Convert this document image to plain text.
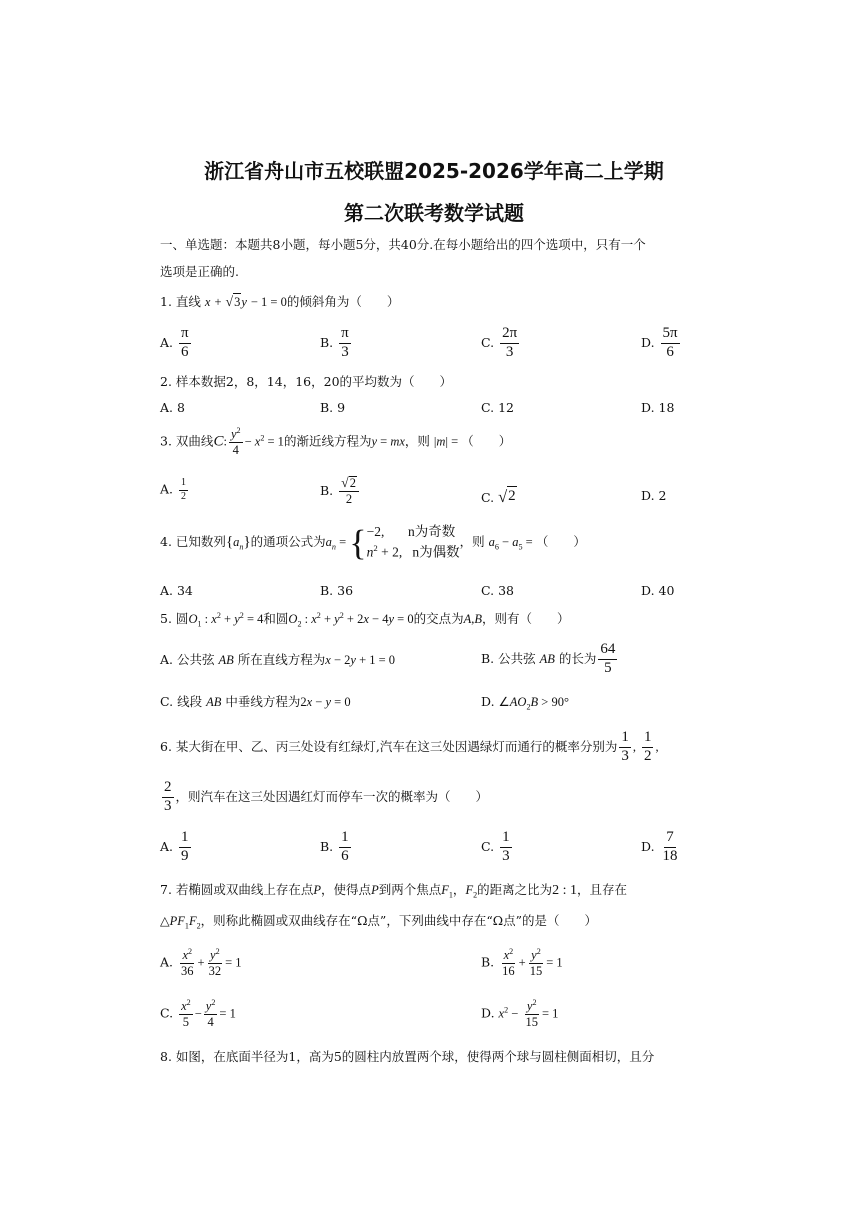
浙江省舟山市五校联盟2025-2026学年高二上学期
第二次联考数学试题
一、单选题：本题共8小题，每小题5分，共40分.在每小题给出的四个选项中，只有一个
选项是正确的.
1. 直线 x + √ 3 y − 1 = 0的倾斜角为（　　）
A. $\frac{\pi}{6}$	B. $\frac{\pi}{3}$	C. $\frac{2\pi}{3}$	D. $\frac{5\pi}{6}$
2. 样本数据2，8，14，16，20的平均数为（　　）
A. 8	B. 9	C. 12	D. 18
3. 双曲线C: $\frac{y^2}{4} - x^2 = 1$的渐近线方程为y = mx，则 |m| = （　　）
A. $\frac{1}{2}$	B. $\frac{√ 2}{2}$	C. √ 2	D. 2
4. 已知数列$\{a_n\}$的通项公式为$a_n$ = { −2, n为奇数
$n^2 + 2$, n为偶数
，则 $a_6 - a_5$ = （　　）
A. 34	B. 36	C. 38	D. 40
5. 圆$O_1$ : $x^2 + y^2 = 4$和圆$O_2$ : $x^2 + y^2 + 2x - 4y = 0$的交点为A,B，则有（　　）
A. 公共弦 AB 所在直线方程为x − 2y + 1 = 0	B. 公共弦 AB 的长为 $\frac{64}{5}$
C. 线段 AB 中垂线方程为2x − y = 0	D. $\angle AO_2B > 90^\circ$
6. 某大街在甲、乙、丙三处设有红绿灯,汽车在这三处因遇绿灯而通行的概率分别为 $\frac{1}{3}$ , $\frac{1}{2}$ ,
$\frac{2}{3}$ ，则汽车在这三处因遇红灯而停车一次的概率为（　　）
A. $\frac{1}{9}$	B. $\frac{1}{6}$	C. $\frac{1}{3}$	D. $\frac{7}{18}$
7. 若椭圆或双曲线上存在点P，使得点P到两个焦点$F_1$，$F_2$的距离之比为2 : 1，且存在
$\triangle PF_1F_2$，则称此椭圆或双曲线存在“Ω点”，下列曲线中存在“Ω点”的是（　　）
A. $\frac{x^2}{36} + \frac{y^2}{32} = 1$	B. $\frac{x^2}{16} + \frac{y^2}{15} = 1$
C. $\frac{x^2}{5} - \frac{y^2}{4} = 1$	D. $x^2 - \frac{y^2}{15} = 1$
8. 如图，在底面半径为1，高为5的圆柱内放置两个球，使得两个球与圆柱侧面相切，且分
